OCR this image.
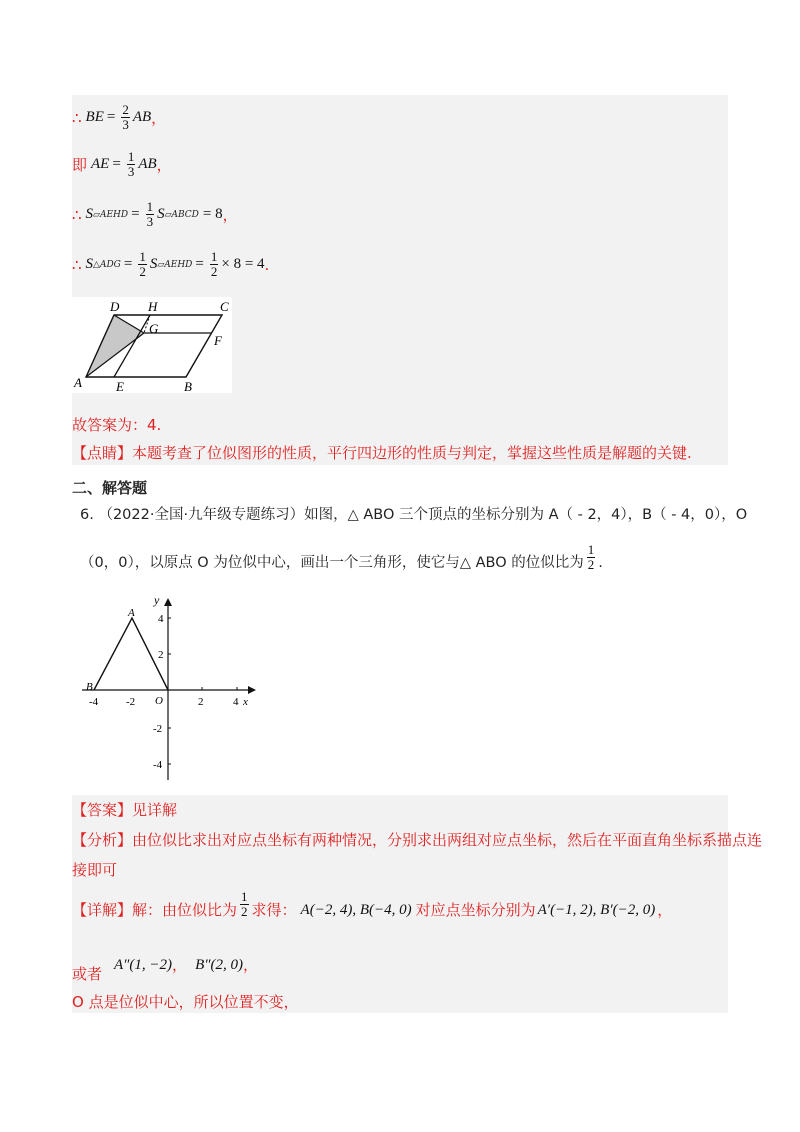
∴ BE = $\frac{2}{3}$ AB ，
即 AE = $\frac{1}{3}$ AB ，
∴ S ▱AEHD = $\frac{1}{3}$ S ▱ABCD = 8 ，
∴ S △ADG = $\frac{1}{2}$ S ▱AEHD = $\frac{1}{2} \times 8 = 4$ .
D H	C
G
F
A	E	B
故答案为：4.
【点睛】本题考查了位似图形的性质，平行四边形的性质与判定，掌握这些性质是解题的关键.
二、解答题
6. （2022·全国·九年级专题练习）如图，△ ABO 三个顶点的坐标分别为 A（ - 2，4），B（ - 4，0），O
（0，0），以原点 O 为位似中心，画出一个三角形，使它与△ ABO 的位似比为 $\frac{1}{2}$ .
-4	-2	2	4 x
y
4
2
-2
-4
O
A
B
【答案】见详解
【分析】由位似比求出对应点坐标有两种情况，分别求出两组对应点坐标，然后在平面直角坐标系描点连
接即可
【详解】 解：由位似比为 $\frac{1}{2}$ 求得： A(−2, 4), B(−4, 0) 对应点坐标分别为 A′(−1, 2), B′(−2, 0) ，
或者 A″(1, −2) ， B″(2, 0) ，
O 点是位似中心，所以位置不变，
